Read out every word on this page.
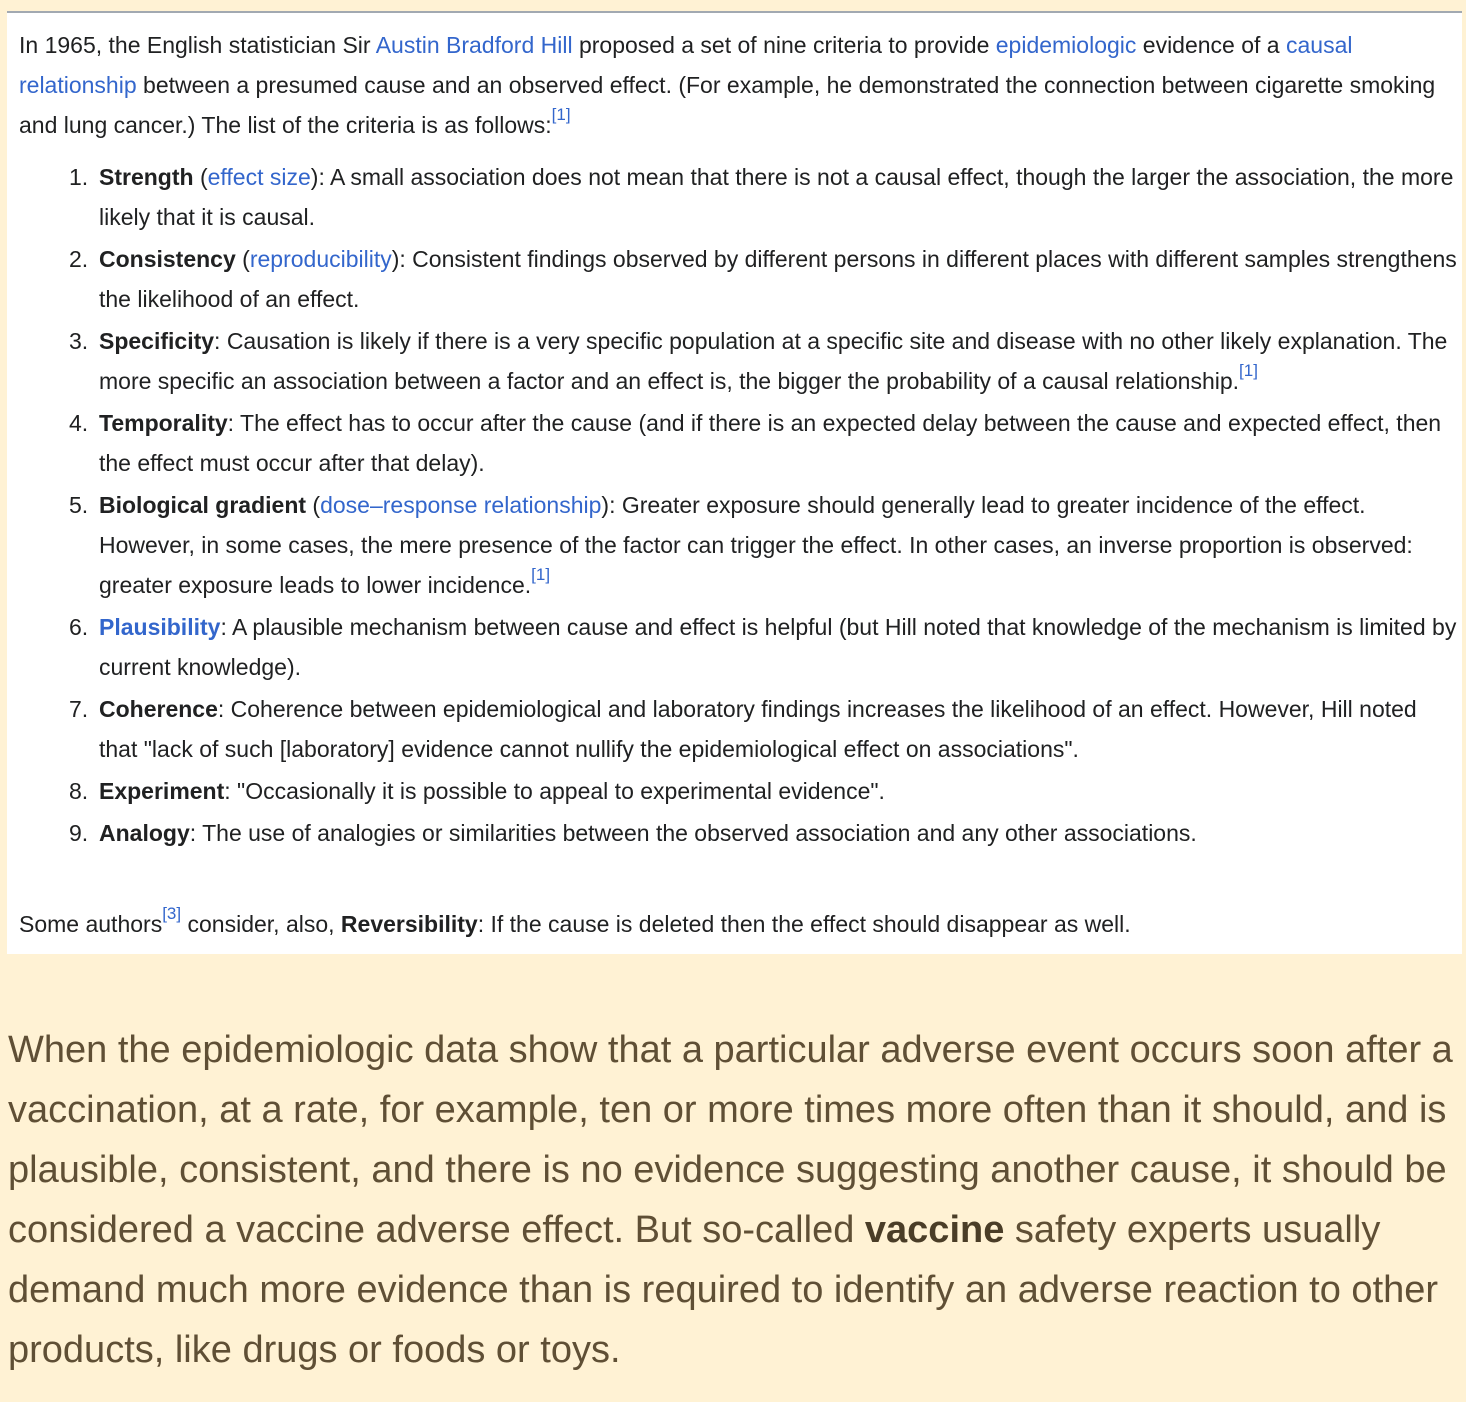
In 1965, the English statistician Sir Austin Bradford Hill proposed a set of nine criteria to provide epidemiologic evidence of a causal relationship between a presumed cause and an observed effect. (For example, he demonstrated the connection between cigarette smoking and lung cancer.) The list of the criteria is as follows:[1]

1. Strength (effect size): A small association does not mean that there is not a causal effect, though the larger the association, the more likely that it is causal.
2. Consistency (reproducibility): Consistent findings observed by different persons in different places with different samples strengthens the likelihood of an effect.
3. Specificity: Causation is likely if there is a very specific population at a specific site and disease with no other likely explanation. The more specific an association between a factor and an effect is, the bigger the probability of a causal relationship.[1]
4. Temporality: The effect has to occur after the cause (and if there is an expected delay between the cause and expected effect, then the effect must occur after that delay).
5. Biological gradient (dose–response relationship): Greater exposure should generally lead to greater incidence of the effect. However, in some cases, the mere presence of the factor can trigger the effect. In other cases, an inverse proportion is observed: greater exposure leads to lower incidence.[1]
6. Plausibility: A plausible mechanism between cause and effect is helpful (but Hill noted that knowledge of the mechanism is limited by current knowledge).
7. Coherence: Coherence between epidemiological and laboratory findings increases the likelihood of an effect. However, Hill noted that "lack of such [laboratory] evidence cannot nullify the epidemiological effect on associations".
8. Experiment: "Occasionally it is possible to appeal to experimental evidence".
9. Analogy: The use of analogies or similarities between the observed association and any other associations.

Some authors[3] consider, also, Reversibility: If the cause is deleted then the effect should disappear as well.

When the epidemiologic data show that a particular adverse event occurs soon after a vaccination, at a rate, for example, ten or more times more often than it should, and is plausible, consistent, and there is no evidence suggesting another cause, it should be considered a vaccine adverse effect. But so-called vaccine safety experts usually demand much more evidence than is required to identify an adverse reaction to other products, like drugs or foods or toys.
